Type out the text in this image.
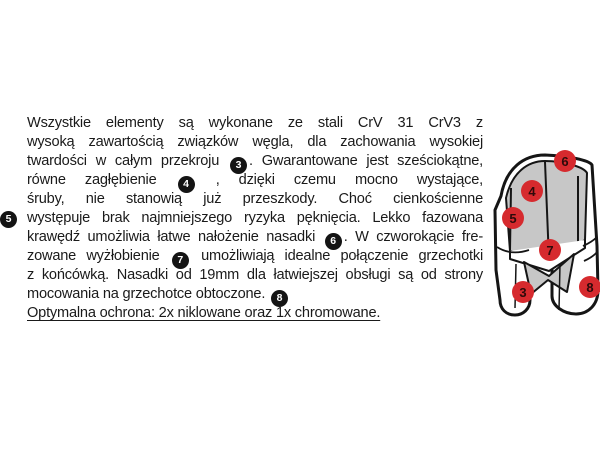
Wszystkie elementy są wykonane ze stali CrV 31 CrV3 z
wysoką zawartością związków węgla, dla zachowania wysokiej
twardości w całym przekroju 3 . Gwarantowane jest sześciokątne,
równe zagłębienie 4 , dzięki czemu mocno wystające,
śruby, nie stanowią już przeszkody. Choć cienkościenne
5	występuje brak najmniejszego ryzyka pęknięcia. Lekko fazowana
krawędź umożliwia łatwe nałożenie nasadki 6 . W czworokącie fre-
zowane wyżłobienie 7 umożliwiają idealne połączenie grzechotki
z końcówką. Nasadki od 19mm dla łatwiejszej obsługi są od strony
mocowania na grzechotce obtoczone. 8
Optymalna ochrona: 2x niklowane oraz 1x chromowane.
6
4
5
7
3	8
